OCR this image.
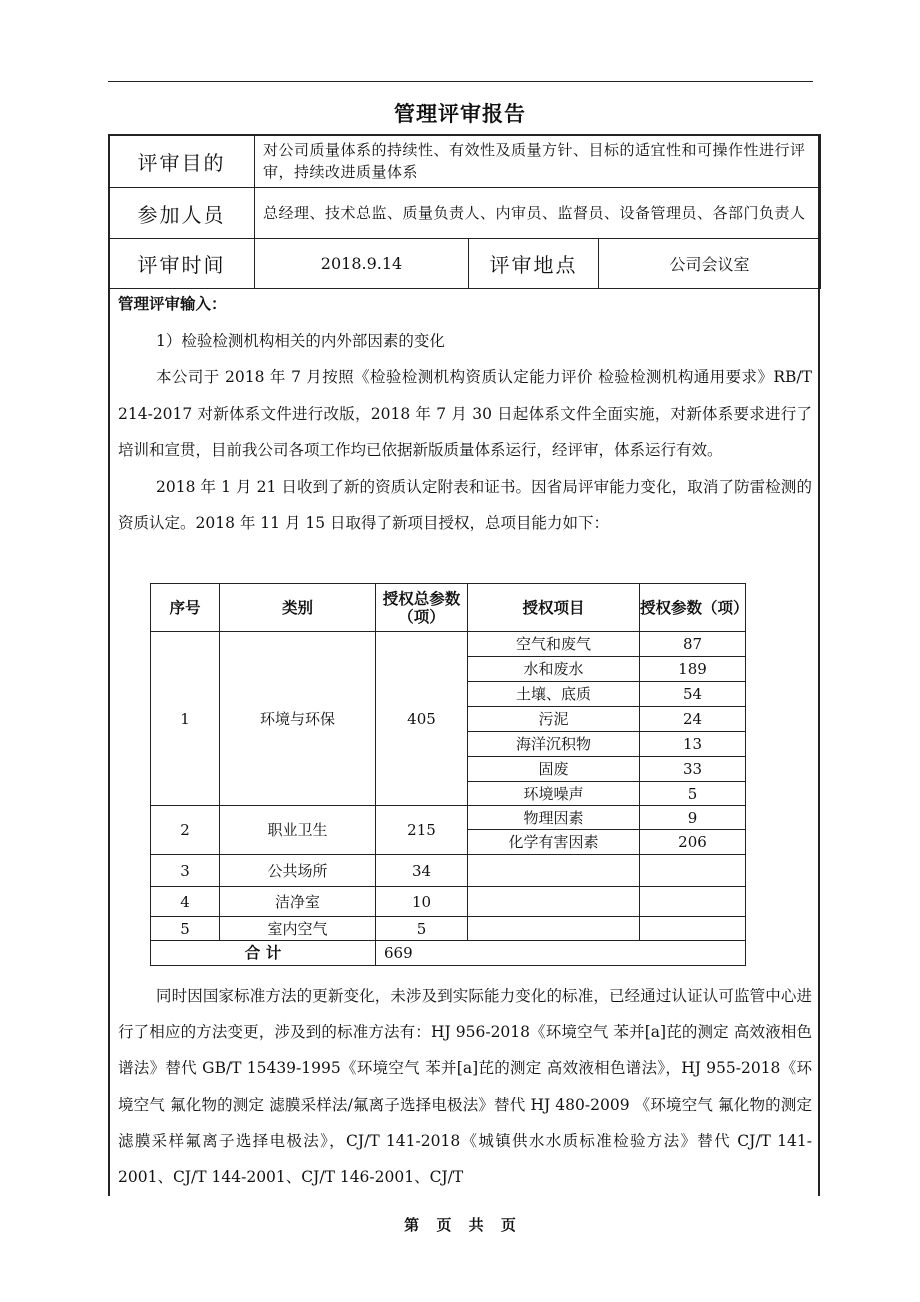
管理评审报告
评审目的	对公司质量体系的持续性、有效性及质量方针、目标的适宜性和可操作性进行评审，持续改进质量体系		
参加人员	总经理、技术总监、质量负责人、内审员、监督员、设备管理员、各部门负责人		
评审时间	2018.9.14	评审地点	公司会议室

管理评审输入：

1）检验检测机构相关的内外部因素的变化

本公司于 2018 年 7 月按照《检验检测机构资质认定能力评价 检验检测机构通用要求》RB/T 214-2017 对新体系文件进行改版，2018 年 7 月 30 日起体系文件全面实施，对新体系要求进行了培训和宣贯，目前我公司各项工作均已依据新版质量体系运行，经评审，体系运行有效。

2018 年 1 月 21 日收到了新的资质认定附表和证书。因省局评审能力变化，取消了防雷检测的资质认定。2018 年 11 月 15 日取得了新项目授权，总项目能力如下：

序号	类别	授权总参数（项）	授权项目	授权参数（项）
1	环境与环保	405	空气和废气	87
			水和废水	189
			土壤、底质	54
			污泥	24
			海洋沉积物	13
			固废	33
			环境噪声	5
2	职业卫生	215	物理因素	9
			化学有害因素	206
3	公共场所	34		
4	洁净室	10		
5	室内空气	5		
合 计		669		

同时因国家标准方法的更新变化，未涉及到实际能力变化的标准，已经通过认证认可监管中心进行了相应的方法变更，涉及到的标准方法有：HJ 956-2018《环境空气 苯并[a]芘的测定 高效液相色谱法》替代 GB/T 15439-1995《环境空气 苯并[a]芘的测定 高效液相色谱法》，HJ 955-2018《环境空气 氟化物的测定 滤膜采样法/氟离子选择电极法》替代 HJ 480-2009 《环境空气 氟化物的测定 滤膜采样氟离子选择电极法》，CJ/T 141-2018《城镇供水水质标准检验方法》替代 CJ/T 141-2001、CJ/T 144-2001、CJ/T 146-2001、CJ/T

第 页 共 页
